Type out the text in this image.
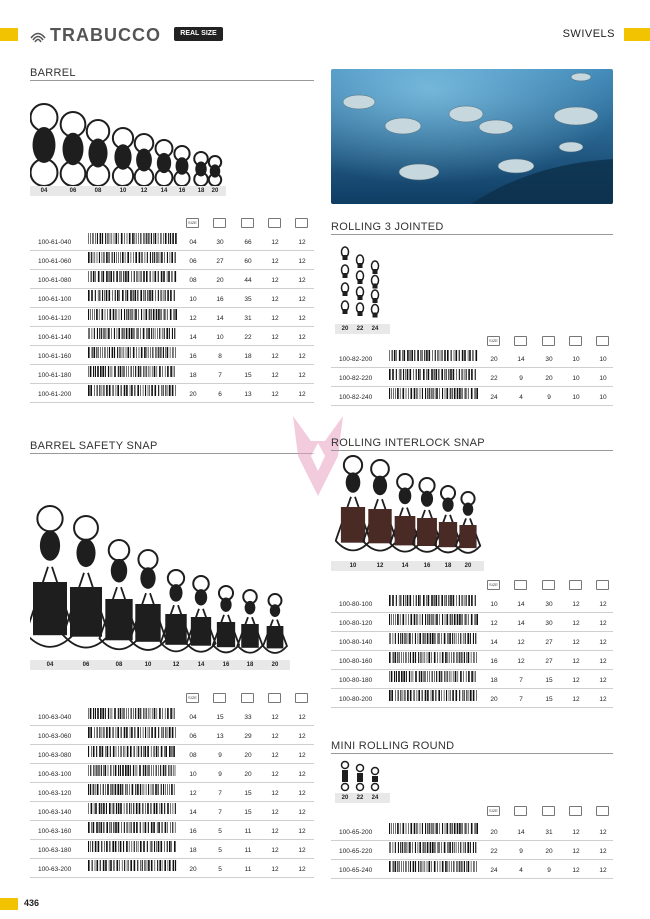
TRABUCCO	REAL SIZE	SWIVELS
BARREL
04	06	08	10	12	14	16	18	20
SIZE
100-61-040	04	30	66	12	12
100-61-060	06	27	60	12	12
100-61-080	08	20	44	12	12
100-61-100	10	16	35	12	12
100-61-120	12	14	31	12	12
100-61-140	14	10	22	12	12
100-61-160	16	8	18	12	12
100-61-180	18	7	15	12	12
100-61-200	20	6	13	12	12
BARREL SAFETY SNAP
04	06	08	10	12	14	16	18	20
SIZE
100-63-040	04	15	33	12	12
100-63-060	06	13	29	12	12
100-63-080	08	9	20	12	12
100-63-100	10	9	20	12	12
100-63-120	12	7	15	12	12
100-63-140	14	7	15	12	12
100-63-160	16	5	11	12	12
100-63-180	18	5	11	12	12
100-63-200	20	5	11	12	12
ROLLING 3 JOINTED
20	22	24
SIZE
100-82-200	20	14	30	10	10
100-82-220	22	9	20	10	10
100-82-240	24	4	9	10	10
ROLLING INTERLOCK SNAP
10	12	14	16	18	20
SIZE
100-80-100	10	14	30	12	12
100-80-120	12	14	30	12	12
100-80-140	14	12	27	12	12
100-80-160	16	12	27	12	12
100-80-180	18	7	15	12	12
100-80-200	20	7	15	12	12
MINI ROLLING ROUND
20	22	24
SIZE
100-65-200	20	14	31	12	12
100-65-220	22	9	20	12	12
100-65-240	24	4	9	12	12
436
